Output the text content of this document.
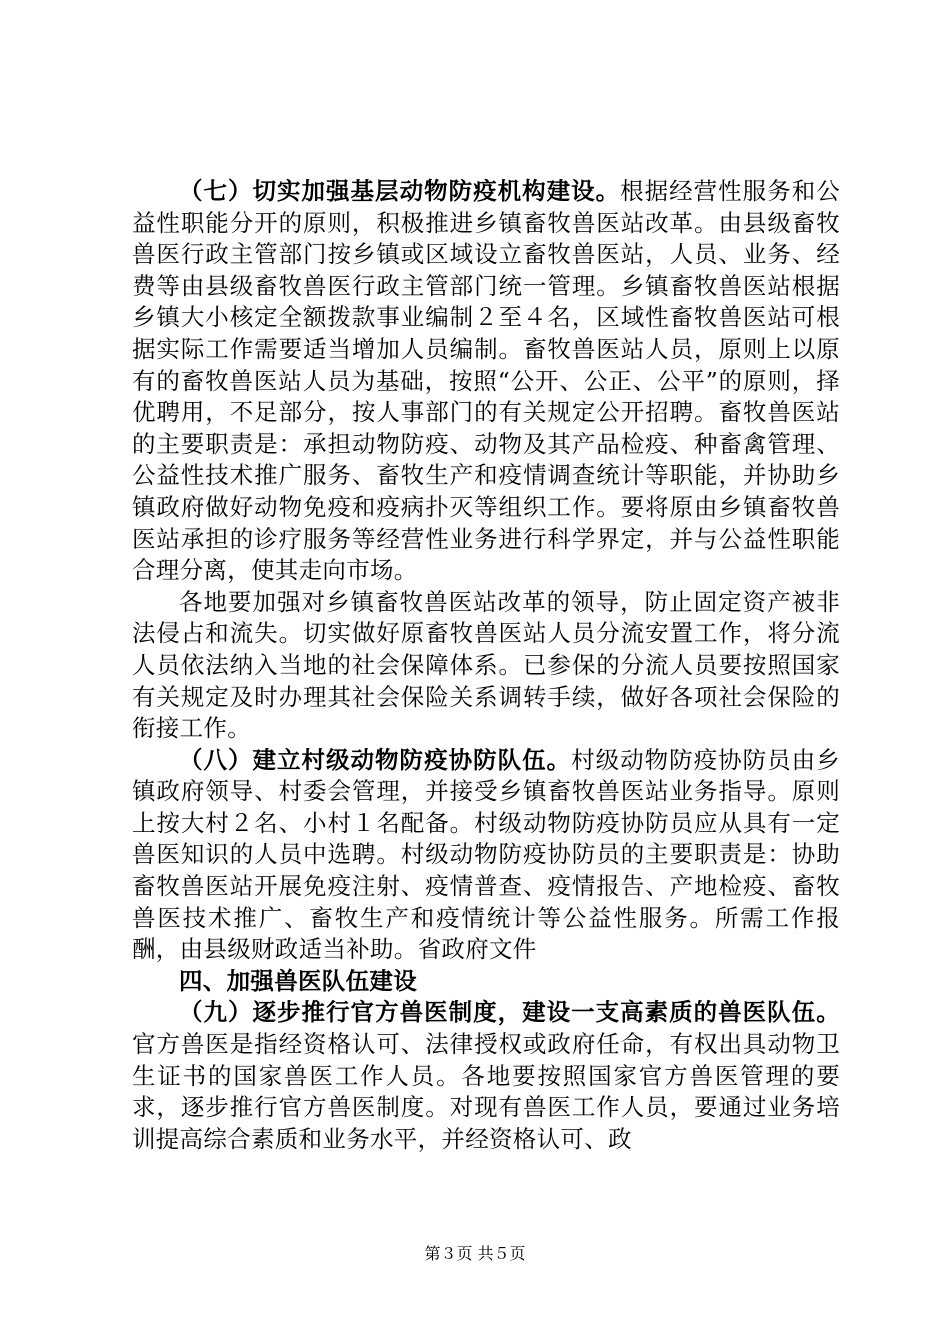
（七）切实加强基层动物防疫机构建设。根据经营性服务和公益性职能分开的原则，积极推进乡镇畜牧兽医站改革。由县级畜牧兽医行政主管部门按乡镇或区域设立畜牧兽医站，人员、业务、经费等由县级畜牧兽医行政主管部门统一管理。乡镇畜牧兽医站根据乡镇大小核定全额拨款事业编制２至４名，区域性畜牧兽医站可根据实际工作需要适当增加人员编制。畜牧兽医站人员，原则上以原有的畜牧兽医站人员为基础，按照“公开、公正、公平”的原则，择优聘用，不足部分，按人事部门的有关规定公开招聘。畜牧兽医站的主要职责是：承担动物防疫、动物及其产品检疫、种畜禽管理、公益性技术推广服务、畜牧生产和疫情调查统计等职能，并协助乡镇政府做好动物免疫和疫病扑灭等组织工作。要将原由乡镇畜牧兽医站承担的诊疗服务等经营性业务进行科学界定，并与公益性职能合理分离，使其走向市场。

各地要加强对乡镇畜牧兽医站改革的领导，防止固定资产被非法侵占和流失。切实做好原畜牧兽医站人员分流安置工作，将分流人员依法纳入当地的社会保障体系。已参保的分流人员要按照国家有关规定及时办理其社会保险关系调转手续，做好各项社会保险的衔接工作。

（八）建立村级动物防疫协防队伍。村级动物防疫协防员由乡镇政府领导、村委会管理，并接受乡镇畜牧兽医站业务指导。原则上按大村２名、小村１名配备。村级动物防疫协防员应从具有一定兽医知识的人员中选聘。村级动物防疫协防员的主要职责是：协助畜牧兽医站开展免疫注射、疫情普查、疫情报告、产地检疫、畜牧兽医技术推广、畜牧生产和疫情统计等公益性服务。所需工作报酬，由县级财政适当补助。省政府文件

四、加强兽医队伍建设

（九）逐步推行官方兽医制度，建设一支高素质的兽医队伍。官方兽医是指经资格认可、法律授权或政府任命，有权出具动物卫生证书的国家兽医工作人员。各地要按照国家官方兽医管理的要求，逐步推行官方兽医制度。对现有兽医工作人员，要通过业务培训提高综合素质和业务水平，并经资格认可、政

第３页 共５页
